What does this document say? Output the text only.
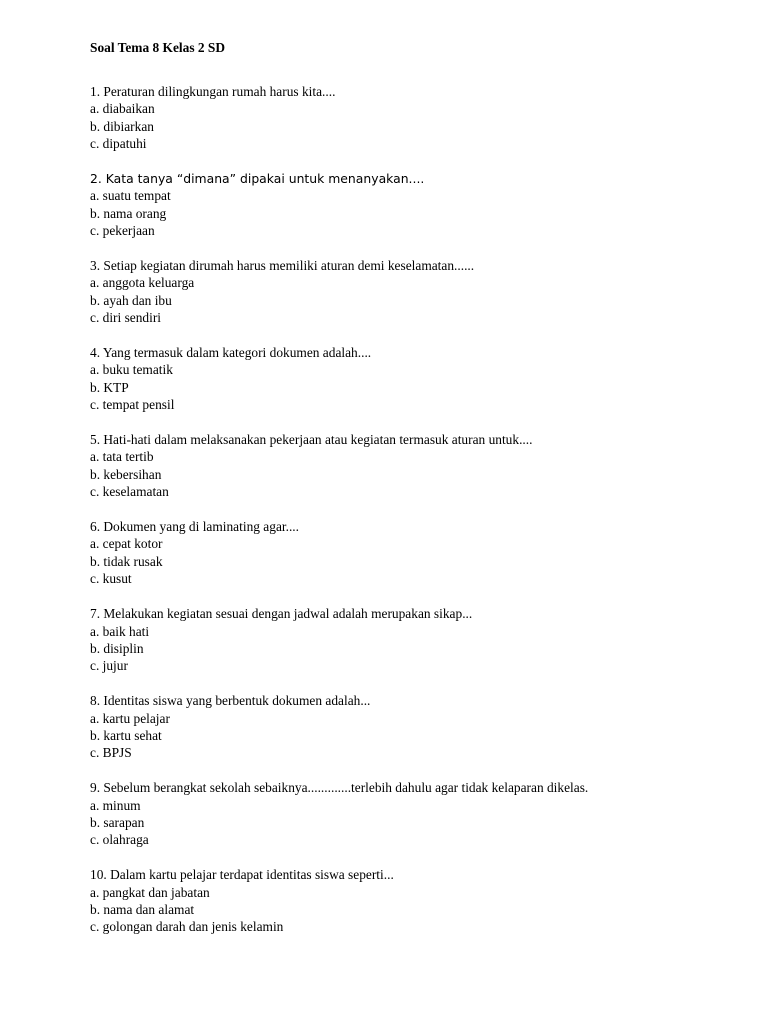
Soal Tema 8 Kelas 2 SD
1. Peraturan dilingkungan rumah harus kita....
a. diabaikan
b. dibiarkan
c. dipatuhi
2. Kata tanya “dimana” dipakai untuk menanyakan....
a. suatu tempat
b. nama orang
c. pekerjaan
3. Setiap kegiatan dirumah harus memiliki aturan demi keselamatan......
a. anggota keluarga
b. ayah dan ibu
c. diri sendiri
4. Yang termasuk dalam kategori dokumen adalah....
a. buku tematik
b. KTP
c. tempat pensil
5. Hati-hati dalam melaksanakan pekerjaan atau kegiatan termasuk aturan untuk....
a. tata tertib
b. kebersihan
c. keselamatan
6. Dokumen yang di laminating agar....
a. cepat kotor
b. tidak rusak
c. kusut
7. Melakukan kegiatan sesuai dengan jadwal adalah merupakan sikap...
a. baik hati
b. disiplin
c. jujur
8. Identitas siswa yang berbentuk dokumen adalah...
a. kartu pelajar
b. kartu sehat
c. BPJS
9. Sebelum berangkat sekolah sebaiknya.............terlebih dahulu agar tidak kelaparan dikelas.
a. minum
b. sarapan
c. olahraga
10. Dalam kartu pelajar terdapat identitas siswa seperti...
a. pangkat dan jabatan
b. nama dan alamat
c. golongan darah dan jenis kelamin
